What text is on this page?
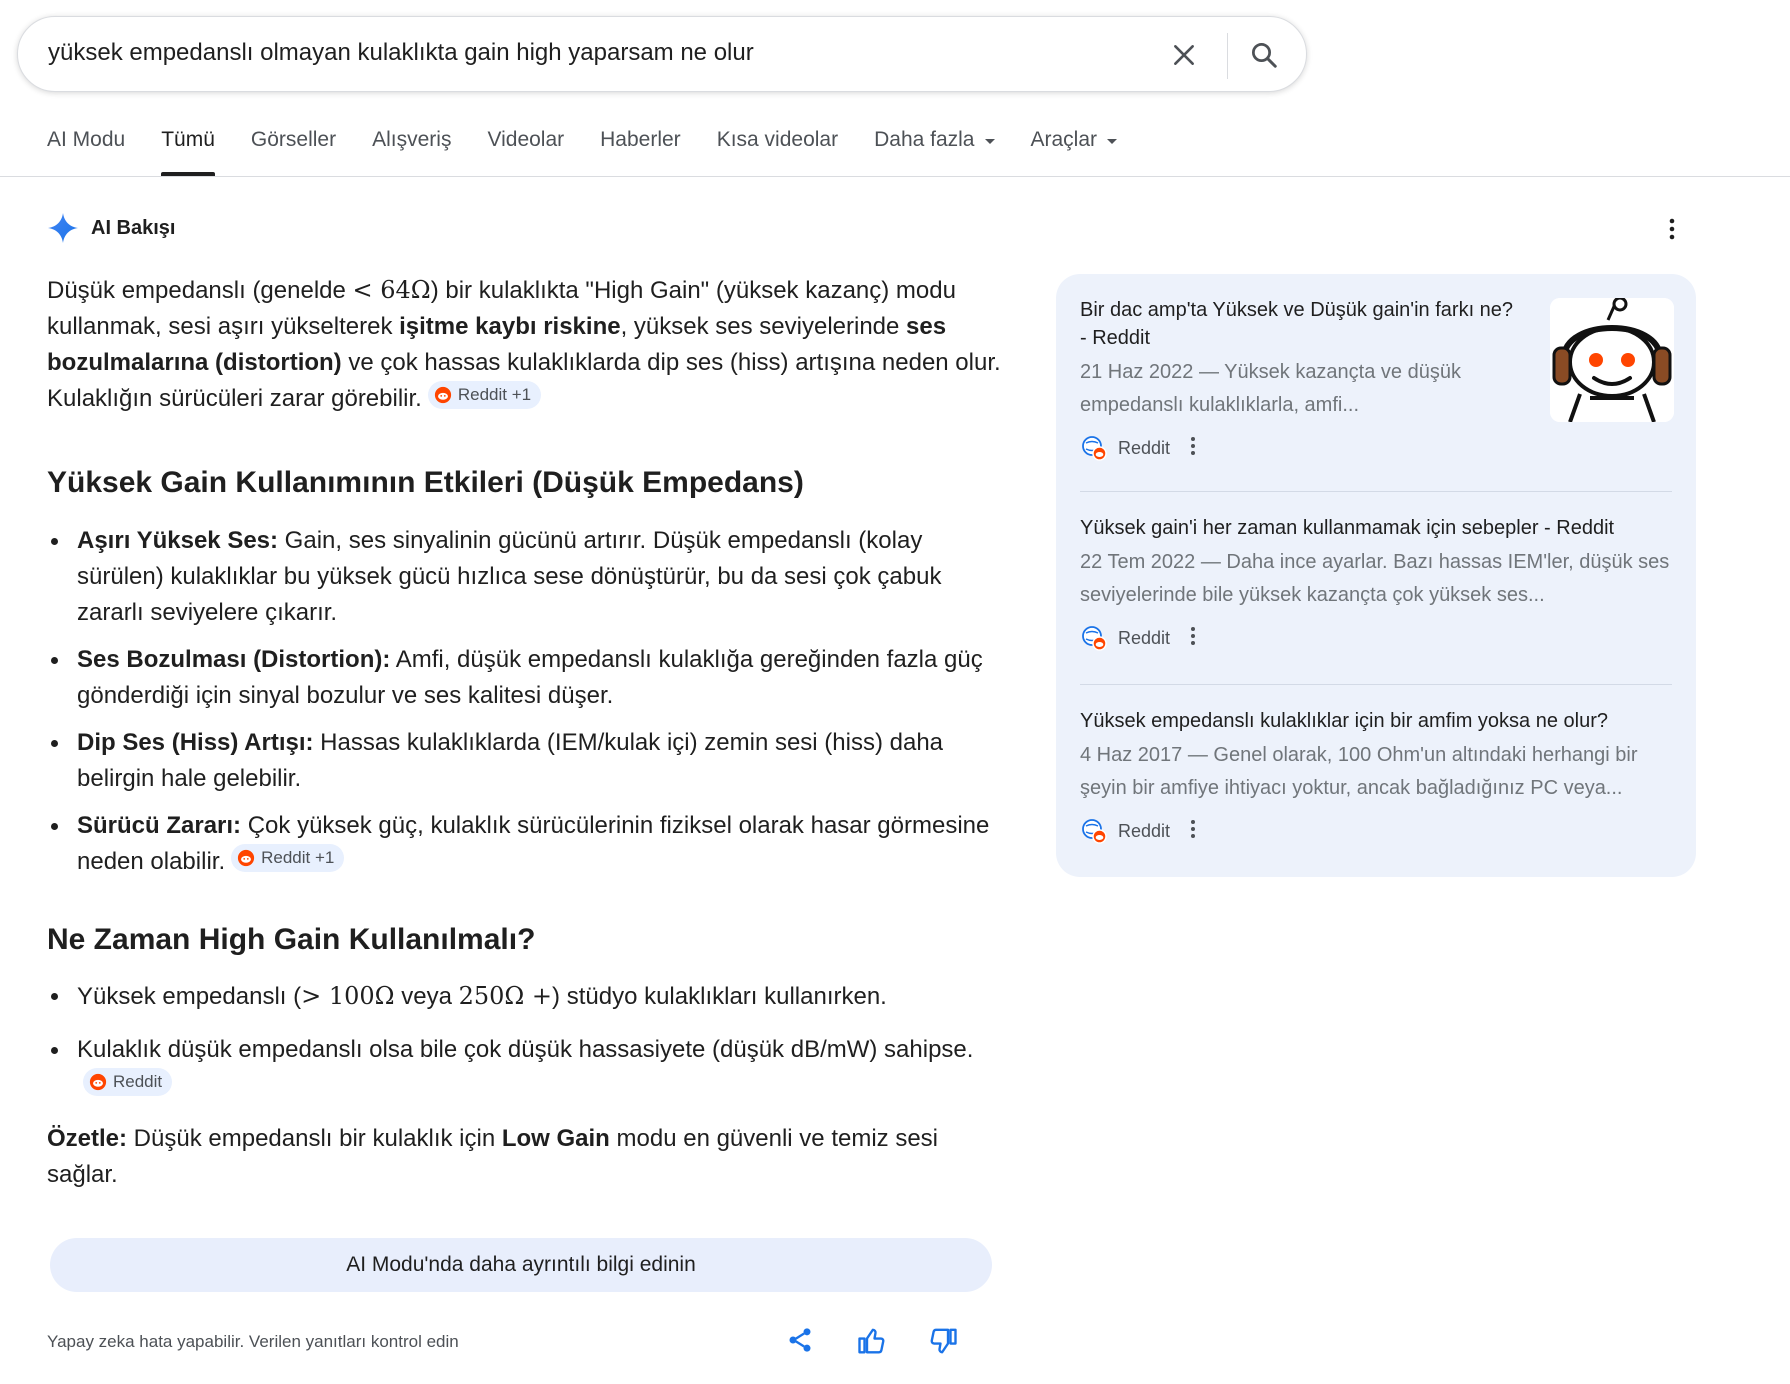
yüksek empedanslı olmayan kulaklıkta gain high yaparsam ne olur
AI Modu Tümü Görseller Alışveriş Videolar Haberler Kısa videolar Daha fazla	Araçlar
AI Bakışı

Düşük empedanslı (genelde < 64Ω) bir kulaklıkta "High Gain" (yüksek kazanç) modu kullanmak, sesi aşırı yükselterek işitme kaybı riskine, yüksek ses seviyelerinde ses bozulmalarına (distortion) ve çok hassas kulaklıklarda dip ses (hiss) artışına neden olur. Kulaklığın sürücüleri zarar görebilir. Reddit +1

Yüksek Gain Kullanımının Etkileri (Düşük Empedans)
Aşırı Yüksek Ses: Gain, ses sinyalinin gücünü artırır. Düşük empedanslı (kolay sürülen) kulaklıklar bu yüksek gücü hızlıca sese dönüştürür, bu da sesi çok çabuk zararlı seviyelere çıkarır.
Ses Bozulması (Distortion): Amfi, düşük empedanslı kulaklığa gereğinden fazla güç gönderdiği için sinyal bozulur ve ses kalitesi düşer.
Dip Ses (Hiss) Artışı: Hassas kulaklıklarda (IEM/kulak içi) zemin sesi (hiss) daha belirgin hale gelebilir.
Sürücü Zararı: Çok yüksek güç, kulaklık sürücülerinin fiziksel olarak hasar görmesine neden olabilir. Reddit +1
Ne Zaman High Gain Kullanılmalı?
Yüksek empedanslı (> 100Ω veya 250Ω +) stüdyo kulaklıkları kullanırken.
Kulaklık düşük empedanslı olsa bile çok düşük hassasiyete (düşük dB/mW) sahipse.
Reddit

Özetle: Düşük empedanslı bir kulaklık için Low Gain modu en güvenli ve temiz sesi sağlar.

AI Modu'nda daha ayrıntılı bilgi edinin
Yapay zeka hata yapabilir. Verilen yanıtları kontrol edin
Bir dac amp'ta Yüksek ve Düşük gain'in farkı ne? - Reddit
21 Haz 2022 — Yüksek kazançta ve düşük empedanslı kulaklıklarla, amfi...
Reddit
Yüksek gain'i her zaman kullanmamak için sebepler - Reddit
22 Tem 2022 — Daha ince ayarlar. Bazı hassas IEM'ler, düşük ses seviyelerinde bile yüksek kazançta çok yüksek ses...
Reddit
Yüksek empedanslı kulaklıklar için bir amfim yoksa ne olur?
4 Haz 2017 — Genel olarak, 100 Ohm'un altındaki herhangi bir şeyin bir amfiye ihtiyacı yoktur, ancak bağladığınız PC veya...
Reddit
